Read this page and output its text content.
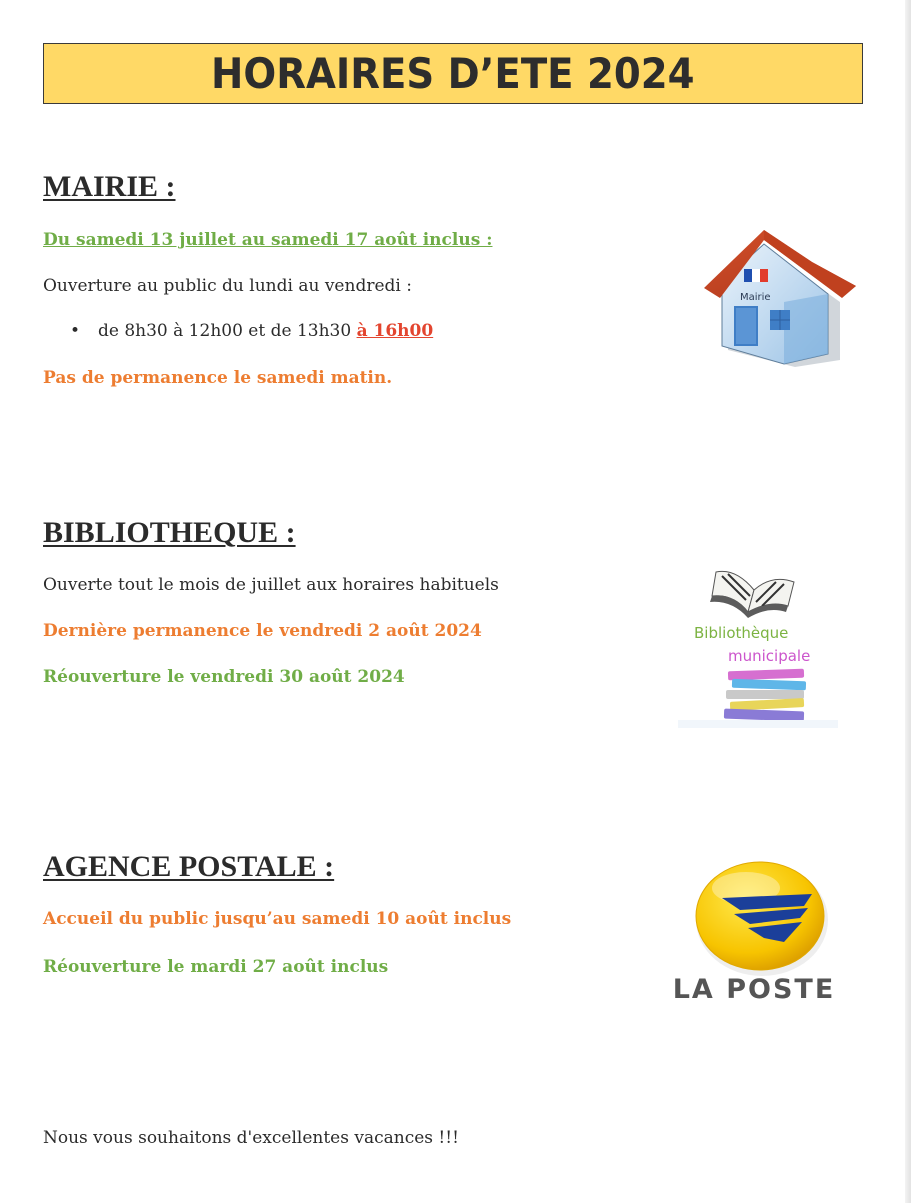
HORAIRES D’ETE 2024
MAIRIE :

Du samedi 13 juillet au samedi 17 août inclus :

Ouverture au public du lundi au vendredi :

• de 8h30 à 12h00 et de 13h30 à 16h00

Pas de permanence le samedi matin.

Mairie
BIBLIOTHEQUE :

Ouverte tout le mois de juillet aux horaires habituels

Dernière permanence le vendredi 2 août 2024

Réouverture le vendredi 30 août 2024

Bibliothèque
municipale
AGENCE POSTALE :

Accueil du public jusqu’au samedi 10 août inclus

Réouverture le mardi 27 août inclus

LA POSTE

Nous vous souhaitons d'excellentes vacances !!!
